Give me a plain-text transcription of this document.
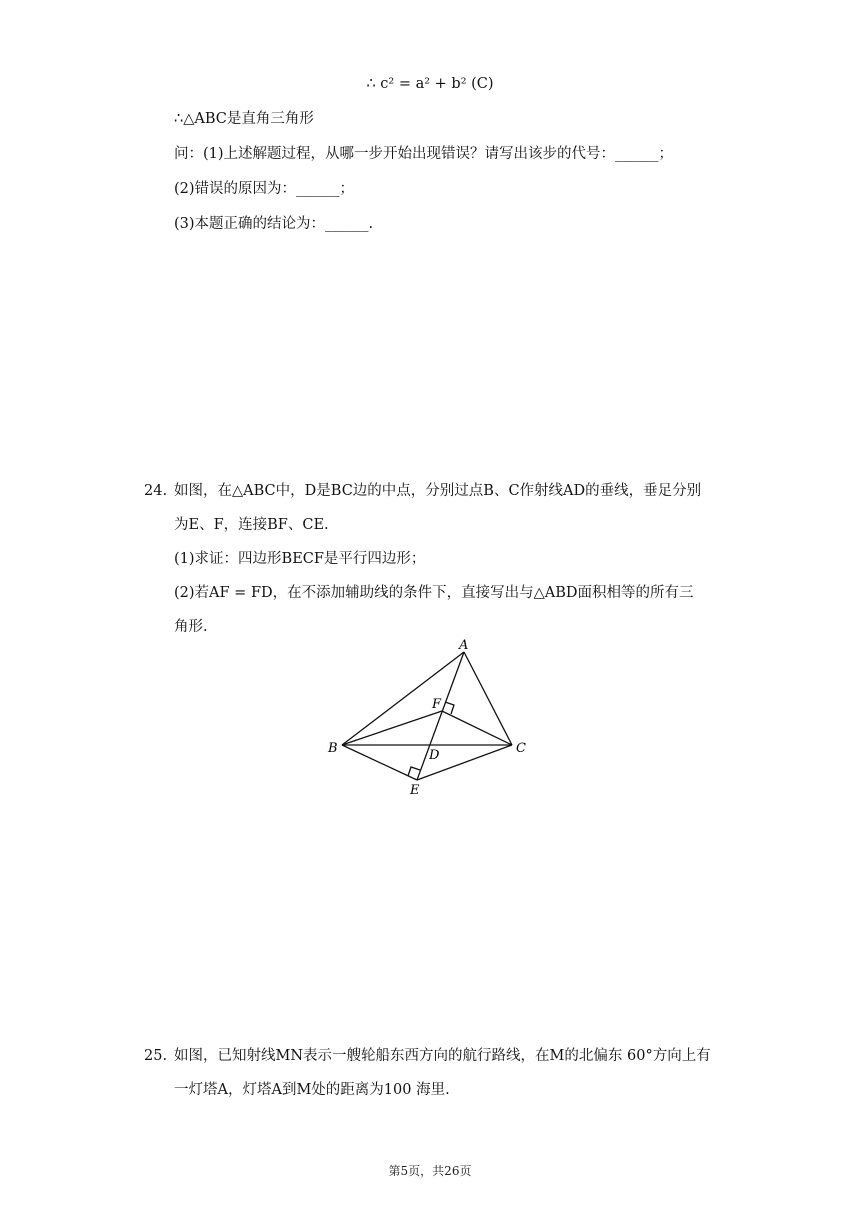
∴ c² = a² + b² (C)
∴△ABC是直角三角形
问：(1)上述解题过程，从哪一步开始出现错误？请写出该步的代号：______；
(2)错误的原因为：______；
(3)本题正确的结论为：______.
24. 如图，在△ABC中，D是BC边的中点，分别过点B、C作射线AD的垂线，垂足分别
为E、F，连接BF、CE.
(1)求证：四边形BECF是平行四边形；
(2)若AF = FD，在不添加辅助线的条件下，直接写出与△ABD面积相等的所有三
角形.
A
B	C
D
E
F
25. 如图，已知射线MN表示一艘轮船东西方向的航行路线，在M的北偏东 60°方向上有
一灯塔A，灯塔A到M处的距离为100 海里.
第5页，共26页
